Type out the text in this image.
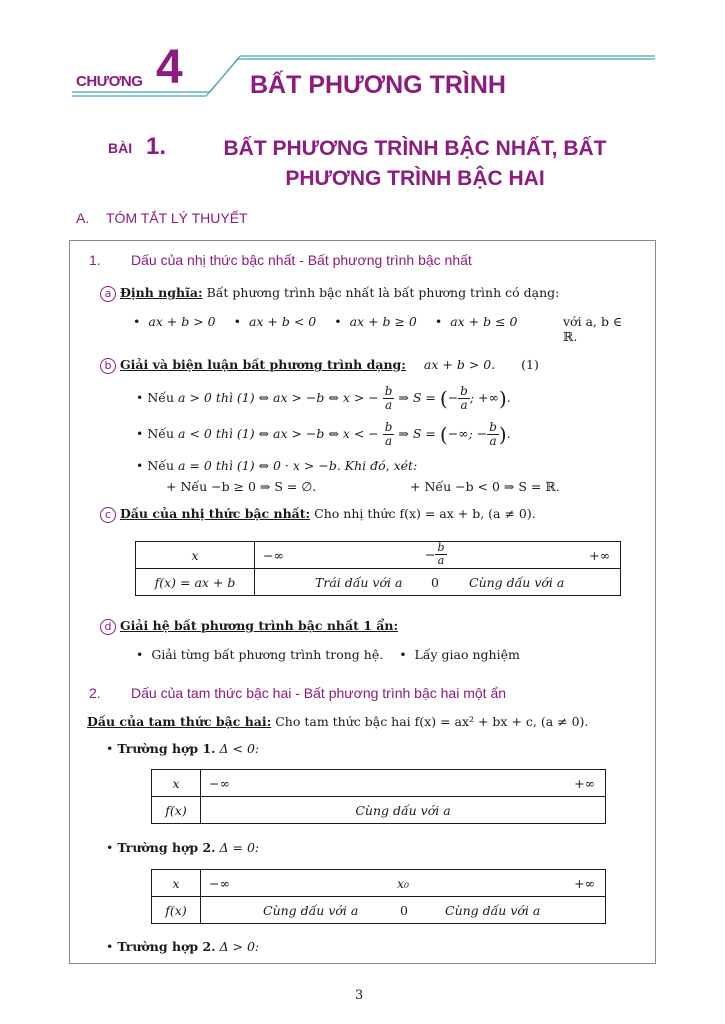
CHƯƠNG 4	BẤT PHƯƠNG TRÌNH
BÀI 1.	BẤT PHƯƠNG TRÌNH BẬC NHẤT, BẤT
PHƯƠNG TRÌNH BẬC HAI
A. TÓM TẮT LÝ THUYẾT
1. Dấu của nhị thức bậc nhất - Bất phương trình bậc nhất
a Định nghĩa: Bất phương trình bậc nhất là bất phương trình có dạng:
• ax + b > 0 • ax + b < 0 • ax + b ≥ 0 • ax + b ≤ 0	với a, b ∈
ℝ.
b Giải và biện luận bất phương trình dạng: ax + b > 0. (1)
• Nếu a > 0 thì (1) ⇔ ax > −b ⇔ x > − $\frac{b}{a}$ ⇒ S = (− $\frac{b}{a}$ ; +∞).
• Nếu a < 0 thì (1) ⇔ ax > −b ⇔ x < − $\frac{b}{a}$ ⇒ S = (−∞; − $\frac{b}{a}$ ).
• Nếu a = 0 thì (1) ⇔ 0 · x > −b. Khi đó, xét:
+ Nếu −b ≥ 0 ⇒ S = ∅.	+ Nếu −b < 0 ⇒ S = ℝ.
c Dấu của nhị thức bậc nhất: Cho nhị thức f(x) = ax + b, (a ≠ 0).
x	−∞ − $\frac{b}{a}$ +∞

f(x) = ax + b	Trái dấu với a 0 Cùng dấu với a
d Giải hệ bất phương trình bậc nhất 1 ẩn:
• Giải từng bất phương trình trong hệ. • Lấy giao nghiệm
2. Dấu của tam thức bậc hai - Bất phương trình bậc hai một ẩn
Dấu của tam thức bậc hai: Cho tam thức bậc hai f(x) = ax² + bx + c, (a ≠ 0).
• Trường hợp 1. Δ < 0:
x	−∞ +∞

f(x)	Cùng dấu với a
• Trường hợp 2. Δ = 0:
x	−∞ x₀ +∞

f(x)	Cùng dấu với a 0 Cùng dấu với a
• Trường hợp 2. Δ > 0:
3
